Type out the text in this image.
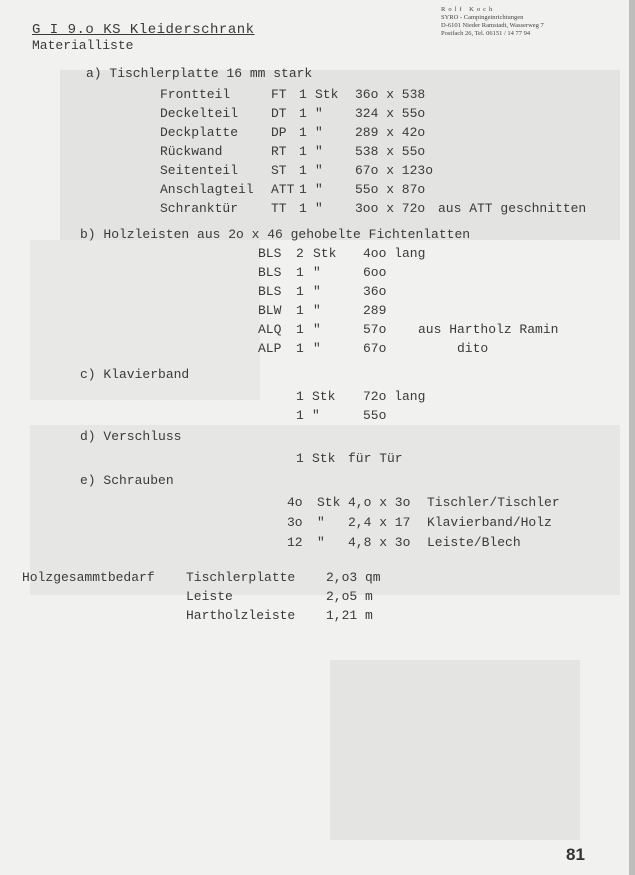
G I 9.o KS Kleiderschrank
Materialliste
Rolf Koch
SYRO - Campingeinrichtungen
D-6101 Nieder Ramstadt, Wasserweg 7
Postfach 26, Tel. 06151 / 14 77 94
a) Tischlerplatte 16 mm stark
b) Holzleisten aus 2o x 46 gehobelte Fichtenlatten
c) Klavierband
d) Verschluss
e) Schrauben
Holzgesammtbedarf
81
Frontteil	FT 1 Stk 36o x 538
Deckelteil	DT 1 " 324 x 55o
Deckplatte	DP 1 " 289 x 42o
Rückwand	RT 1 " 538 x 55o
Seitenteil	ST 1 " 67o x 123o
Anschlagteil ATT 1 " 55o x 87o
Schranktür	TT 1 " 3oo x 72o aus ATT geschnitten
BLS 2 Stk 4oo lang
BLS 1 "	6oo
BLS 1 "	36o
BLW 1 "	289
ALQ 1 "	57o aus Hartholz Ramin
ALP 1 "	67o dito
1 Stk 72o lang
1 "	55o
1 Stk für Tür
4o Stk 4,o x 3o Tischler/Tischler
3o " 2,4 x 17 Klavierband/Holz
12 " 4,8 x 3o Leiste/Blech
Tischlerplatte 2,o3 qm
Leiste	2,o5 m
Hartholzleiste 1,21 m
